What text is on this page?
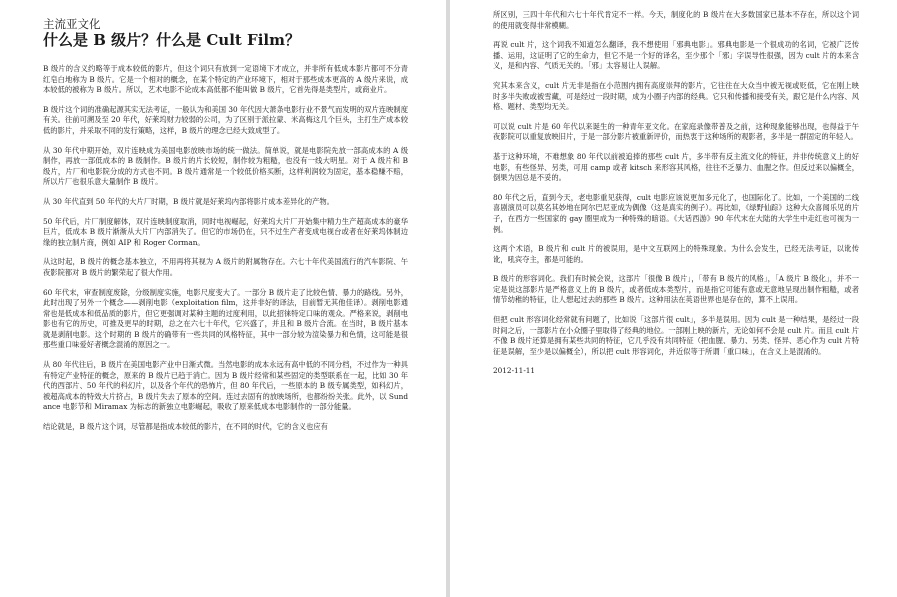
主流亚文化

什么是 B 级片？什么是 Cult Film？

B 级片的含义约略等于成本较低的影片，但这个词只有放到一定语境下才成立，并非所有低成本影片都可不分青红皂白地称为 B 级片。它是一个相对的概念，在某个特定的产业环境下，相对于那些成本更高的 A 级片来说，成本较低的被称为 B 级片。所以，艺术电影不论成本高低都不能叫做 B 级片，它首先得是类型片，或商业片。

B 级片这个词的准确起源其实无法考证，一般认为和美国 30 年代因大萧条电影行业不景气而发明的双片连映制度有关。往前可溯及至 20 年代，好莱坞财力较弱的公司，为了区别于派拉蒙、米高梅这几个巨头，主打生产成本较低的影片，并采取不同的发行策略，这样，B 级片的理念已经大致成型了。

从 30 年代中期开始，双片连映成为美国电影放映市场的统一做法。简单说，就是电影院先放一部高成本的 A 级制作，再放一部低成本的 B 级制作。B 级片的片长较短，制作较为粗糙，也没有一线大明星。对于 A 级片和 B 级片，片厂和电影院分成的方式也不同。B 级片通常是一个较低价格买断，这样利润较为固定，基本稳赚不赔，所以片厂也很乐意大量制作 B 级片。

从 30 年代直到 50 年代的大片厂时期，B 级片就是好莱坞内部将影片成本差异化的产物。

50 年代后，片厂制度解体，双片连映制度取消，同时电视崛起，好莱坞大片厂开始集中精力生产超高成本的豪华巨片，低成本 B 级片渐渐从大片厂内部消失了。但它的市场仍在，只不过生产者变成电视台或者在好莱坞体制边缘的独立制片商，例如 AIP 和 Roger Corman。

从这时起，B 级片的概念基本独立，不用再将其视为 A 级片的附属物存在。六七十年代美国流行的汽车影院、午夜影院都对 B 级片的繁荣起了很大作用。

60 年代末，审查制度废除，分级制度实施，电影尺度变大了。一部分 B 级片走了比较色情、暴力的路线。另外，此时出现了另外一个概念——剥削电影（exploitation film，这并非好的译法，目前暂无其他佳译）。剥削电影通常也是低成本和低品质的影片，但它更强调对某种主题的过度利用，以此招徕特定口味的观众。严格来说，剥削电影也有它的历史，可推及更早的时期，总之在六七十年代，它兴盛了，并且和 B 级片合流。在当时，B 级片基本就是剥削电影。这个时期的 B 级片的确带有一些共同的风格特征，其中一部分较为渲染暴力和色情，这可能是很那些重口味爱好者概念混淆的原因之一。

从 80 年代往后，B 级片在美国电影产业中日渐式微。当然电影的成本永远有高中低的不同分档，不过作为一种具有特定产业特征的概念，原来的 B 级片已趋于消亡。因为 B 级片经常和某些固定的类型联系在一起，比如 30 年代的西部片、50 年代的科幻片，以及各个年代的恐怖片，但 80 年代后，一些原本的 B 级专属类型，如科幻片，被超高成本的特效大片挤占，B 级片失去了原本的空间。连过去固有的放映场所，也都纷纷关张。此外，以 Sundance 电影节和 Miramax 为标志的新独立电影崛起，吸收了原来低成本电影制作的一部分能量。

结论就是，B 级片这个词，尽管都是指成本较低的影片，在不同的时代，它的含义也应有

所区别，三四十年代和六七十年代肯定不一样。今天，制度化的 B 级片在大多数国家已基本不存在，所以这个词的使用就变得非常模糊。

再说 cult 片，这个词我不知道怎么翻译，我不想使用「邪典电影」。邪典电影是一个很成功的名词，它被广泛传播、运用，这证明了它的生命力，但它不是一个好的译名，至少那个「邪」字误导性很强，因为 cult 片的本来含义，是和内容、气质无关的。「邪」太容易让人误解。

究其本来含义，cult 片无非是指在小范围内拥有高度崇拜的影片，它往往在大众当中被无视或贬低，它在刚上映时多半失败或被雪藏，可是经过一段时期，成为小圈子内部的经典。它只和传播和接受有关，跟它是什么内容、风格、题材、类型均无关。

可以说 cult 片是 60 年代以来诞生的一种青年亚文化。在家庭录像带普及之前，这种现象能够出现，也得益于午夜影院可以重复放映旧片，于是一部分影片被重新评价，而热衷于这种场所的观影者，多半是一群固定的年轻人。

基于这种环境，不难想象 80 年代以前被追捧的那些 cult 片，多半带有反主流文化的特征，并非传统意义上的好电影，有些怪异、另类，可用 camp 或者 kitsch 来形容其风格，往往不乏暴力、血腥之作。但反过来以偏概全，倒果为因总是不妥的。

80 年代之后，直到今天，老电影重见获得，cult 电影应该说更加多元化了，也国际化了。比如，一个美国的二线喜剧演员可以莫名其妙地在阿尔巴尼亚成为偶像（这是真实的例子）。再比如，《绿野仙踪》这种大众喜闻乐见的片子，在西方一些国家的 gay 圈里成为一种特殊的暗语。《大话西游》90 年代末在大陆的大学生中走红也可视为一例。

这两个术语，B 级片和 cult 片的被误用，是中文互联网上的特殊现象。为什么会发生，已经无法考证，以讹传讹，吼宾夺主，都是可能的。

B 级片的形容词化。我们有时候会说，这部片「很像 B 级片」，「带有 B 级片的风格」，「A 级片 B 级化」，并不一定是说这部影片是严格意义上的 B 级片，或者低成本类型片，而是指它可能有意或无意地呈现出制作粗糙，或者情节幼稚的特征，让人想起过去的那些 B 级片。这种用法在英语世界也是存在的，算不上误用。

但把 cult 形容词化经常就有问题了，比如说「这部片很 cult」，多半是误用。因为 cult 是一种结果，是经过一段时间之后，一部影片在小众圈子里取得了经典的地位。一部刚上映的新片，无论如何不会是 cult 片。而且 cult 片不像 B 级片还算是拥有某些共同的特征，它几乎没有共同特征（把血腥、暴力、另类、怪异、恶心作为 cult 片特征是误解，至少是以偏概全），所以把 cult 形容词化，并近似等于所谓「重口味」，在含义上是混淆的。

2012-11-11
